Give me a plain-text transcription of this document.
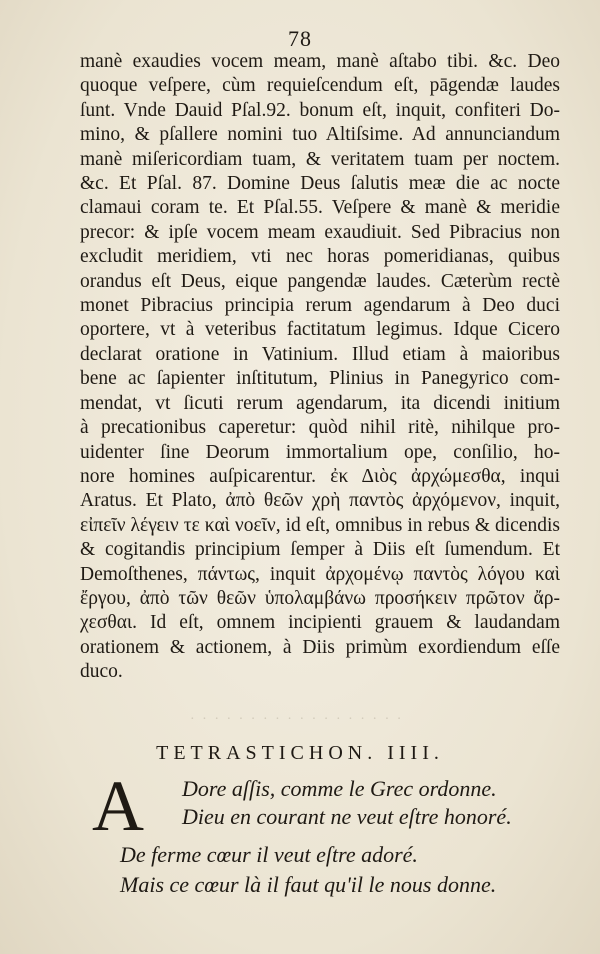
78
manè exaudies vocem meam, manè aſtabo tibi. &c. Deo
quoque veſpere, cùm requieſcendum eſt, pāgendæ laudes
ſunt. Vnde Dauid Pſal.92. bonum eſt, inquit, confiteri Do-
mino, & pſallere nomini tuo Altiſsime. Ad annunciandum
manè miſericordiam tuam, & veritatem tuam per noctem.
&c. Et Pſal. 87. Domine Deus ſalutis meæ die ac nocte
clamaui coram te. Et Pſal.55. Veſpere & manè & meridie
precor: & ipſe vocem meam exaudiuit. Sed Pibracius non
excludit meridiem, vti nec horas pomeridianas, quibus
orandus eſt Deus, eique pangendæ laudes. Cæterùm rectè
monet Pibracius principia rerum agendarum à Deo duci
oportere, vt à veteribus factitatum legimus. Idque Cicero
declarat oratione in Vatinium. Illud etiam à maioribus
bene ac ſapienter inſtitutum, Plinius in Panegyrico com-
mendat, vt ſicuti rerum agendarum, ita dicendi initium
à precationibus caperetur: quòd nihil ritè, nihilque pro-
uidenter ſine Deorum immortalium ope, conſilio, ho-
nore homines auſpicarentur. ἐκ Διὸς ἀρχώμεσθα, inqui
Aratus. Et Plato, ἀπὸ θεῶν χρὴ παντὸς ἀρχόμενον, inquit,
εἰπεῖν λέγειν τε καὶ νοεῖν, id eſt, omnibus in rebus & dicendis
& cogitandis principium ſemper à Diis eſt ſumendum. Et
Demoſthenes, πάντως, inquit ἀρχομένῳ παντὸς λόγου καὶ
ἔργου, ἀπὸ τῶν θεῶν ὑπολαμβάνω προσήκειν πρῶτον ἄρ-
χεσθαι. Id eſt, omnem incipienti grauem & laudandam
orationem & actionem, à Diis primùm exordiendum eſſe
duco.
· · · · · · · · · · · · · · · · · ·
TETRASTICHON. IIII.
A Dore aſſis, comme le Grec ordonne.
Dieu en courant ne veut eſtre honoré.
De ferme cœur il veut eſtre adoré.
Mais ce cœur là il faut qu'il le nous donne.
